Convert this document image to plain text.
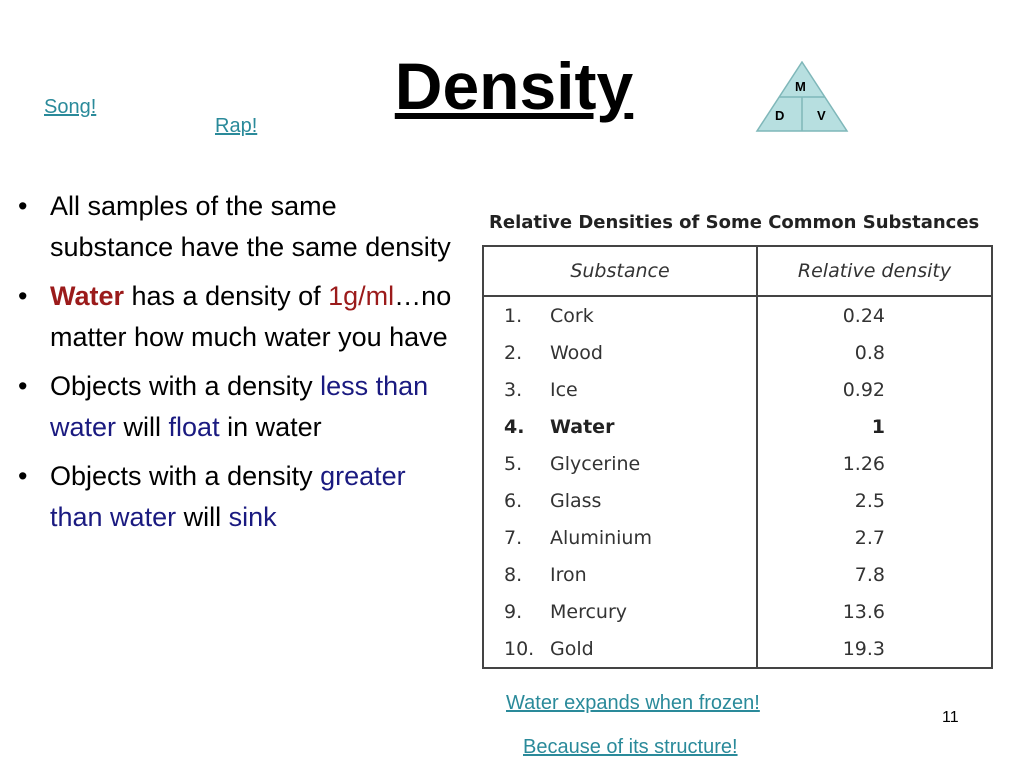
Song!
Rap!
Density	M
D	V
• All samples of the same substance have the same density
• Water has a density of 1g/ml…no matter how much water you have
• Objects with a density less than water will float in water
• Objects with a density greater than water will sink
Relative Densities of Some Common Substances
Substance	Relative density
1. Cork	0.24
2. Wood	0.8
3. Ice	0.92
4. Water	1
5. Glycerine	1.26
6. Glass	2.5
7. Aluminium	2.7
8. Iron	7.8
9. Mercury	13.6
10. Gold	19.3
Water expands when frozen!
Because of its structure!
11
